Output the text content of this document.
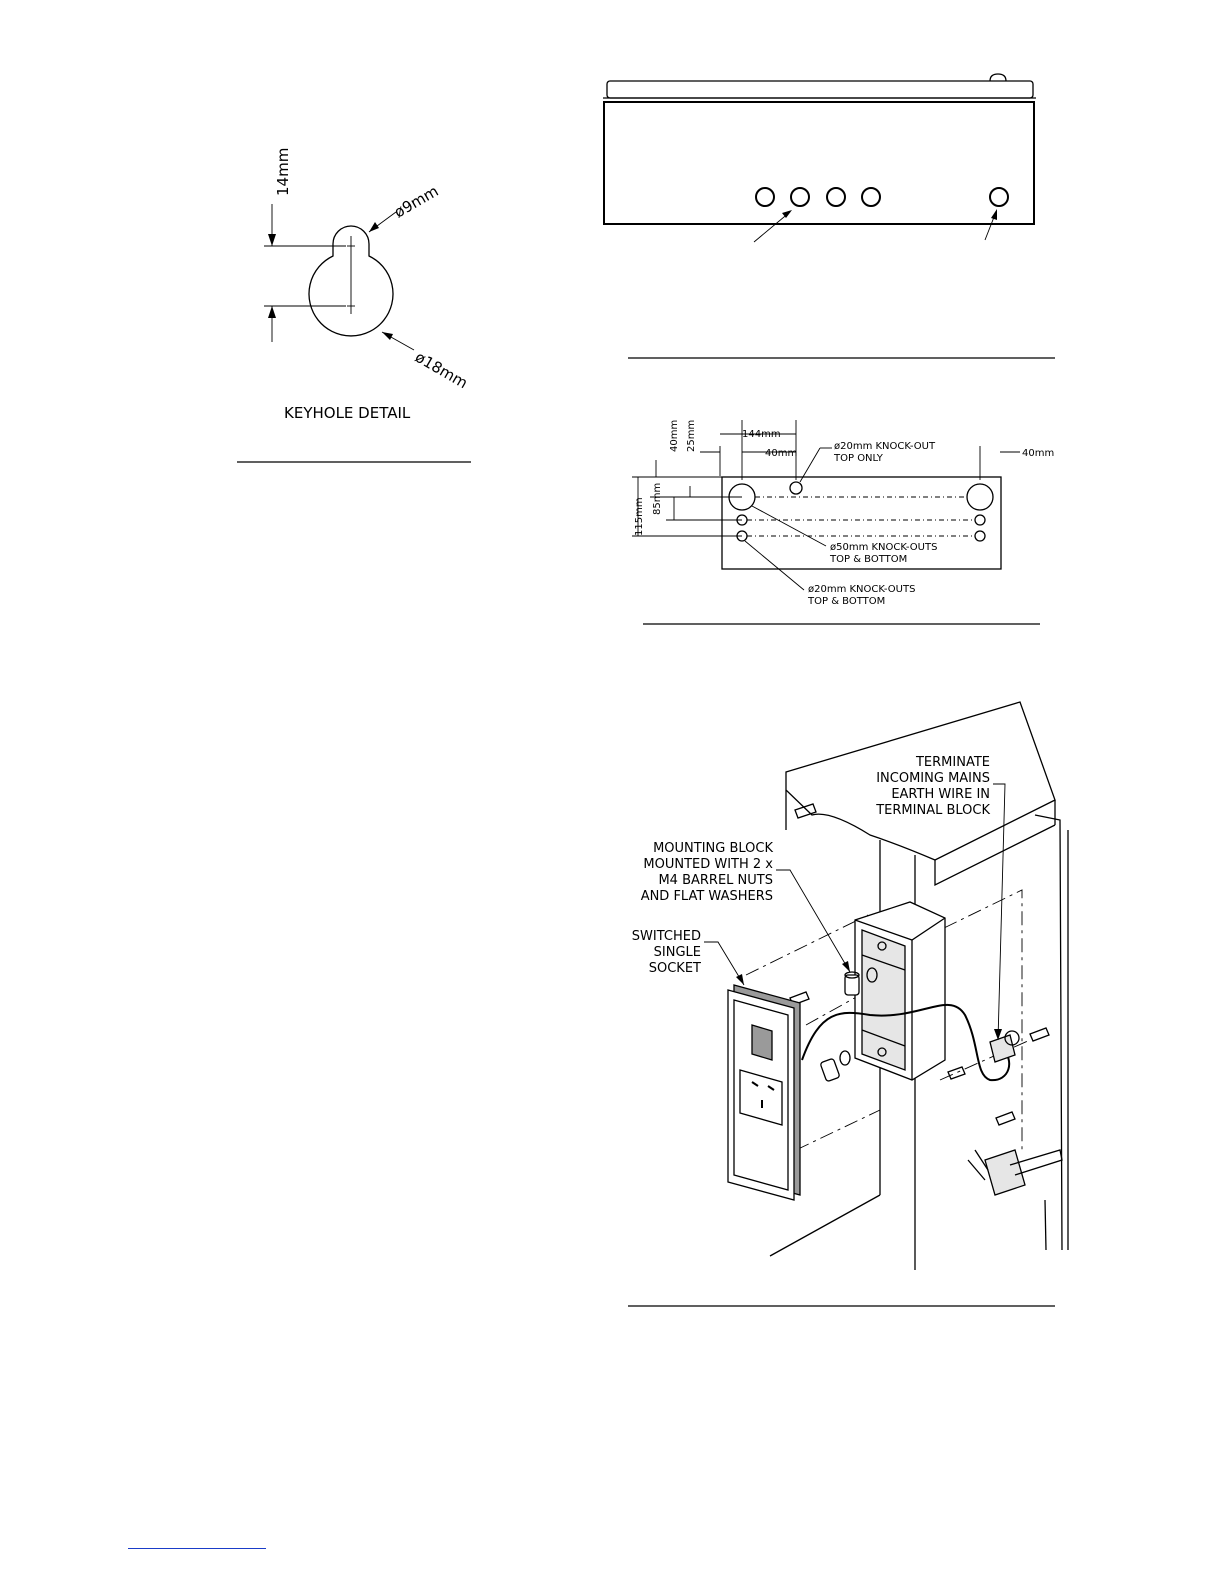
14mm
ø9mm
ø18mm
KEYHOLE DETAIL
144mm
40mm	40mm
40mm 25mm
115mm 85mm
ø20mm KNOCK-OUT
TOP ONLY
ø50mm KNOCK-OUTS
TOP & BOTTOM
ø20mm KNOCK-OUTS
TOP & BOTTOM
TERMINATE
INCOMING MAINS
EARTH WIRE IN
TERMINAL BLOCK
MOUNTING BLOCK
MOUNTED WITH 2 x
M4 BARREL NUTS
AND FLAT WASHERS
SWITCHED
SINGLE
SOCKET
